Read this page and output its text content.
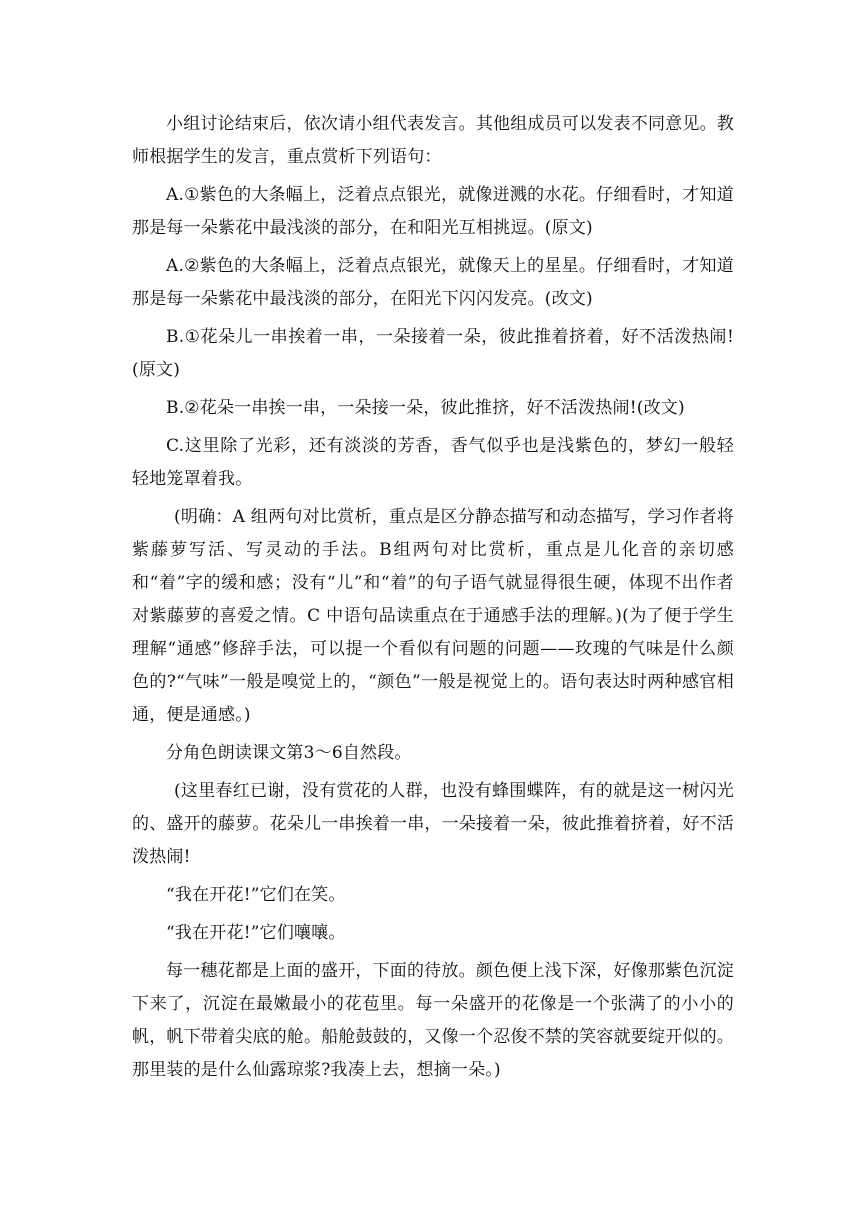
小组讨论结束后，依次请小组代表发言。其他组成员可以发表不同意见。教师根据学生的发言，重点赏析下列语句：

A.①紫色的大条幅上，泛着点点银光，就像迸溅的水花。仔细看时，才知道那是每一朵紫花中最浅淡的部分，在和阳光互相挑逗。(原文)

A.②紫色的大条幅上，泛着点点银光，就像天上的星星。仔细看时，才知道那是每一朵紫花中最浅淡的部分，在阳光下闪闪发亮。(改文)

B.①花朵儿一串挨着一串，一朵接着一朵，彼此推着挤着，好不活泼热闹!(原文)

B.②花朵一串挨一串，一朵接一朵，彼此推挤，好不活泼热闹!(改文)

C.这里除了光彩，还有淡淡的芳香，香气似乎也是浅紫色的，梦幻一般轻轻地笼罩着我。

(明确：A 组两句对比赏析，重点是区分静态描写和动态描写，学习作者将紫藤萝写活、写灵动的手法。B组两句对比赏析，重点是儿化音的亲切感和“着”字的缓和感；没有“儿”和“着”的句子语气就显得很生硬，体现不出作者对紫藤萝的喜爱之情。C 中语句品读重点在于通感手法的理解。)(为了便于学生理解“通感”修辞手法，可以提一个看似有问题的问题——玫瑰的气味是什么颜色的?“气味”一般是嗅觉上的，“颜色”一般是视觉上的。语句表达时两种感官相通，便是通感。)

分角色朗读课文第3～6自然段。

(这里春红已谢，没有赏花的人群，也没有蜂围蝶阵，有的就是这一树闪光的、盛开的藤萝。花朵儿一串挨着一串，一朵接着一朵，彼此推着挤着，好不活泼热闹!

“我在开花!”它们在笑。

“我在开花!”它们嚷嚷。

每一穗花都是上面的盛开，下面的待放。颜色便上浅下深，好像那紫色沉淀下来了，沉淀在最嫩最小的花苞里。每一朵盛开的花像是一个张满了的小小的帆，帆下带着尖底的舱。船舱鼓鼓的，又像一个忍俊不禁的笑容就要绽开似的。那里装的是什么仙露琼浆?我凑上去，想摘一朵。)
